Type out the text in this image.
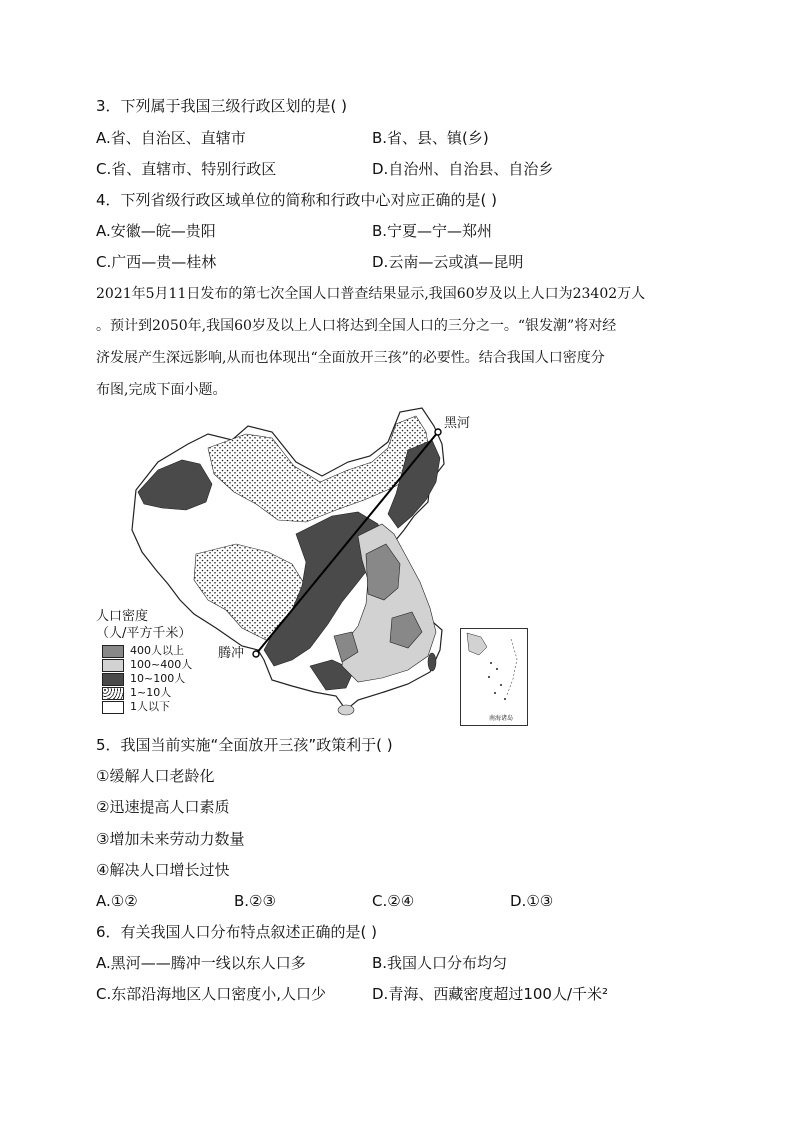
3．下列属于我国三级行政区划的是( )
A.省、自治区、直辖市	B.省、县、镇(乡)
C.省、直辖市、特别行政区	D.自治州、自治县、自治乡
4．下列省级行政区域单位的简称和行政中心对应正确的是( )
A.安徽—皖—贵阳	B.宁夏—宁—郑州
C.广西—贵—桂林	D.云南—云或滇—昆明
2021年5月11日发布的第七次全国人口普查结果显示,我国60岁及以上人口为23402万人
。预计到2050年,我国60岁及以上人口将达到全国人口的三分之一。“银发潮”将对经
济发展产生深远影响,从而也体现出“全面放开三孩”的必要性。结合我国人口密度分
布图,完成下面小题。
黑河
腾冲
南海诸岛
人口密度
（人/平方千米）
400人以上
100~400人
10~100人
1~10人
1人以下
5．我国当前实施“全面放开三孩”政策利于( )
①缓解人口老龄化
②迅速提高人口素质
③增加未来劳动力数量
④解决人口增长过快
A.①②	B.②③	C.②④	D.①③
6．有关我国人口分布特点叙述正确的是( )
A.黑河——腾冲一线以东人口多	B.我国人口分布均匀
C.东部沿海地区人口密度小,人口少	D.青海、西藏密度超过100人/千米²
